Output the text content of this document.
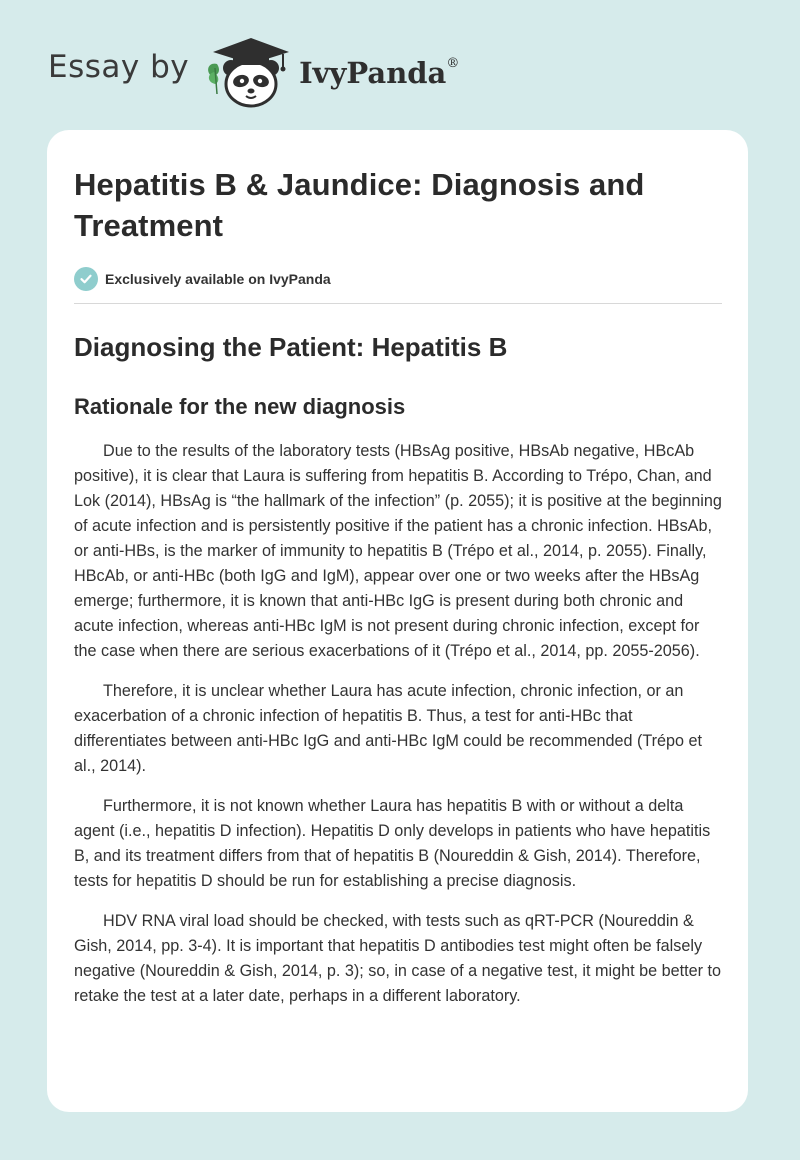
Essay by	IvyPanda®
Hepatitis B & Jaundice: Diagnosis and Treatment
Exclusively available on IvyPanda
Diagnosing the Patient: Hepatitis B
Rationale for the new diagnosis

Due to the results of the laboratory tests (HBsAg positive, HBsAb negative, HBcAb positive), it is clear that Laura is suffering from hepatitis B. According to Trépo, Chan, and Lok (2014), HBsAg is “the hallmark of the infection” (p. 2055); it is positive at the beginning of acute infection and is persistently positive if the patient has a chronic infection. HBsAb, or anti-HBs, is the marker of immunity to hepatitis B (Trépo et al., 2014, p. 2055). Finally, HBcAb, or anti-HBc (both IgG and IgM), appear over one or two weeks after the HBsAg emerge; furthermore, it is known that anti-HBc IgG is present during both chronic and acute infection, whereas anti-HBc IgM is not present during chronic infection, except for the case when there are serious exacerbations of it (Trépo et al., 2014, pp. 2055-2056).

Therefore, it is unclear whether Laura has acute infection, chronic infection, or an exacerbation of a chronic infection of hepatitis B. Thus, a test for anti-HBc that differentiates between anti-HBc IgG and anti-HBc IgM could be recommended (Trépo et al., 2014).

Furthermore, it is not known whether Laura has hepatitis B with or without a delta agent (i.e., hepatitis D infection). Hepatitis D only develops in patients who have hepatitis B, and its treatment differs from that of hepatitis B (Noureddin & Gish, 2014). Therefore, tests for hepatitis D should be run for establishing a precise diagnosis.

HDV RNA viral load should be checked, with tests such as qRT-PCR (Noureddin & Gish, 2014, pp. 3-4). It is important that hepatitis D antibodies test might often be falsely negative (Noureddin & Gish, 2014, p. 3); so, in case of a negative test, it might be better to retake the test at a later date, perhaps in a different laboratory.
